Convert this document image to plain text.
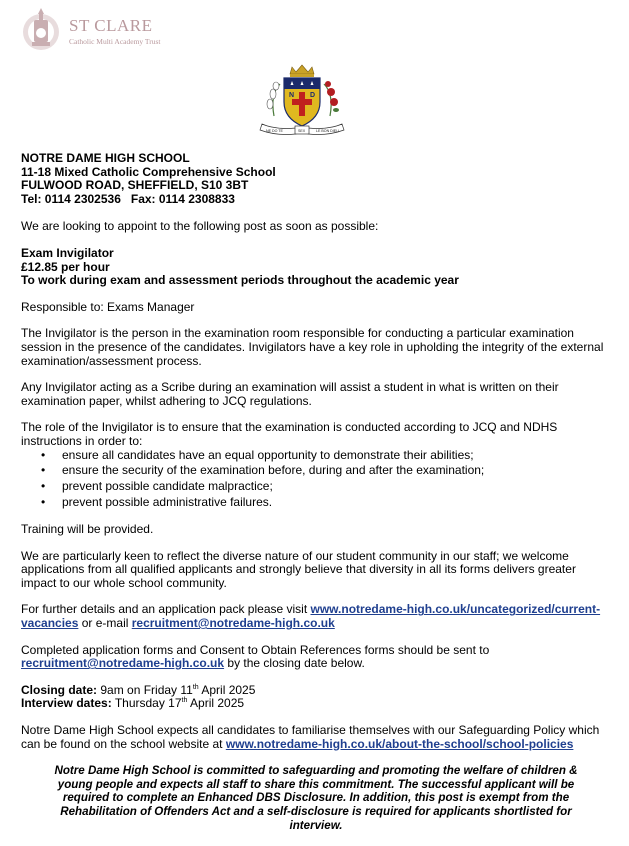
ST CLARE
Catholic Multi Academy Trust
N D
NE DO TE	SEX	LE BON DIEU

NOTRE DAME HIGH SCHOOL

11-18 Mixed Catholic Comprehensive School

FULWOOD ROAD, SHEFFIELD, S10 3BT

Tel: 0114 2302536   Fax: 0114 2308833

We are looking to appoint to the following post as soon as possible:

Exam Invigilator

£12.85 per hour

To work during exam and assessment periods throughout the academic year

Responsible to: Exams Manager

The Invigilator is the person in the examination room responsible for conducting a particular examination session in the presence of the candidates. Invigilators have a key role in upholding the integrity of the external examination/assessment process.

Any Invigilator acting as a Scribe during an examination will assist a student in what is written on their examination paper, whilst adhering to JCQ regulations.

The role of the Invigilator is to ensure that the examination is conducted according to JCQ and NDHS instructions in order to:

• ensure all candidates have an equal opportunity to demonstrate their abilities;
• ensure the security of the examination before, during and after the examination;
• prevent possible candidate malpractice;
• prevent possible administrative failures.

Training will be provided.

We are particularly keen to reflect the diverse nature of our student community in our staff; we welcome applications from all qualified applicants and strongly believe that diversity in all its forms delivers greater impact to our whole school community.

For further details and an application pack please visit www.notredame-high.co.uk/uncategorized/current-vacancies or e-mail recruitment@notredame-high.co.uk

Completed application forms and Consent to Obtain References forms should be sent to recruitment@notredame-high.co.uk by the closing date below.

Closing date: 9am on Friday 11th April 2025

Interview dates: Thursday 17th April 2025

Notre Dame High School expects all candidates to familiarise themselves with our Safeguarding Policy which can be found on the school website at www.notredame-high.co.uk/about-the-school/school-policies

Notre Dame High School is committed to safeguarding and promoting the welfare of children & young people and expects all staff to share this commitment. The successful applicant will be required to complete an Enhanced DBS Disclosure. In addition, this post is exempt from the Rehabilitation of Offenders Act and a self-disclosure is required for applicants shortlisted for interview.
